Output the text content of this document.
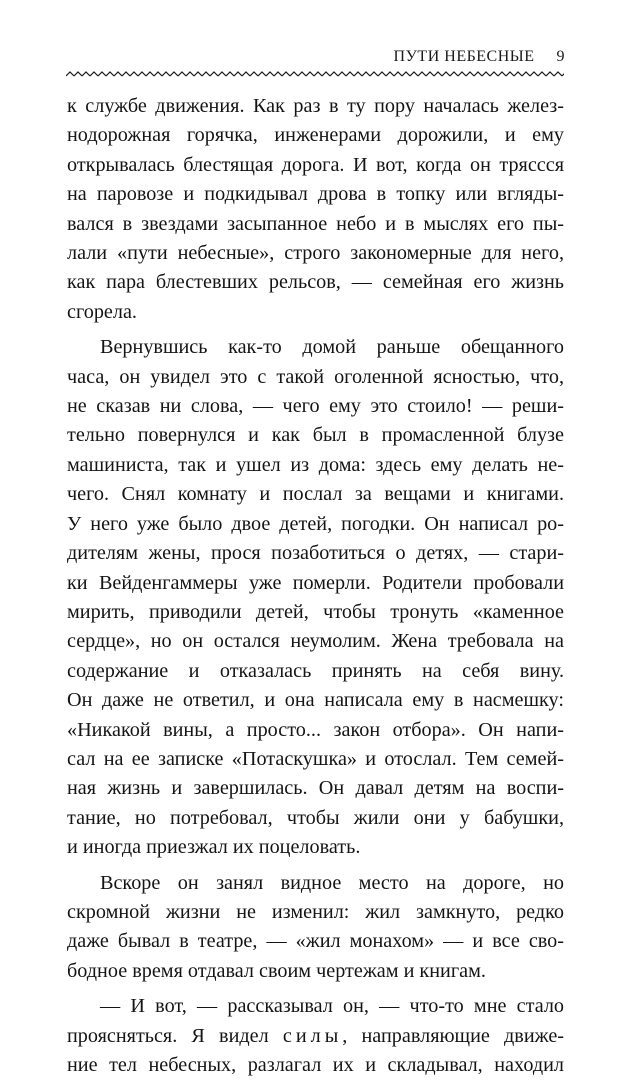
ПУТИ НЕБЕСНЫЕ 9
к службе движения. Как раз в ту пору началась желез-
нодорожная горячка, инженерами дорожили, и ему
открывалась блестящая дорога. И вот, когда он тряссся
на паровозе и подкидывал дрова в топку или вгляды-
вался в звездами засыпанное небо и в мыслях его пы-
лали «пути небесные», строго закономерные для него,
как пара блестевших рельсов, — семейная его жизнь
сгорела.
Вернувшись как-то домой раньше обещанного
часа, он увидел это с такой оголенной ясностью, что,
не сказав ни слова, — чего ему это стоило! — реши-
тельно повернулся и как был в промасленной блузе
машиниста, так и ушел из дома: здесь ему делать не-
чего. Снял комнату и послал за вещами и книгами.
У него уже было двое детей, погодки. Он написал ро-
дителям жены, прося позаботиться о детях, — стари-
ки Вейденгаммеры уже померли. Родители пробовали
мирить, приводили детей, чтобы тронуть «каменное
сердце», но он остался неумолим. Жена требовала на
содержание и отказалась принять на себя вину.
Он даже не ответил, и она написала ему в насмешку:
«Никакой вины, а просто... закон отбора». Он напи-
сал на ее записке «Потаскушка» и отослал. Тем семей-
ная жизнь и завершилась. Он давал детям на воспи-
тание, но потребовал, чтобы жили они у бабушки,
и иногда приезжал их поцеловать.
Вскоре он занял видное место на дороге, но
скромной жизни не изменил: жил замкнуто, редко
даже бывал в театре, — «жил монахом» — и все сво-
бодное время отдавал своим чертежам и книгам.
— И вот, — рассказывал он, — что-то мне стало
проясняться. Я видел силы, направляющие движе-
ние тел небесных, разлагал их и складывал, находил
